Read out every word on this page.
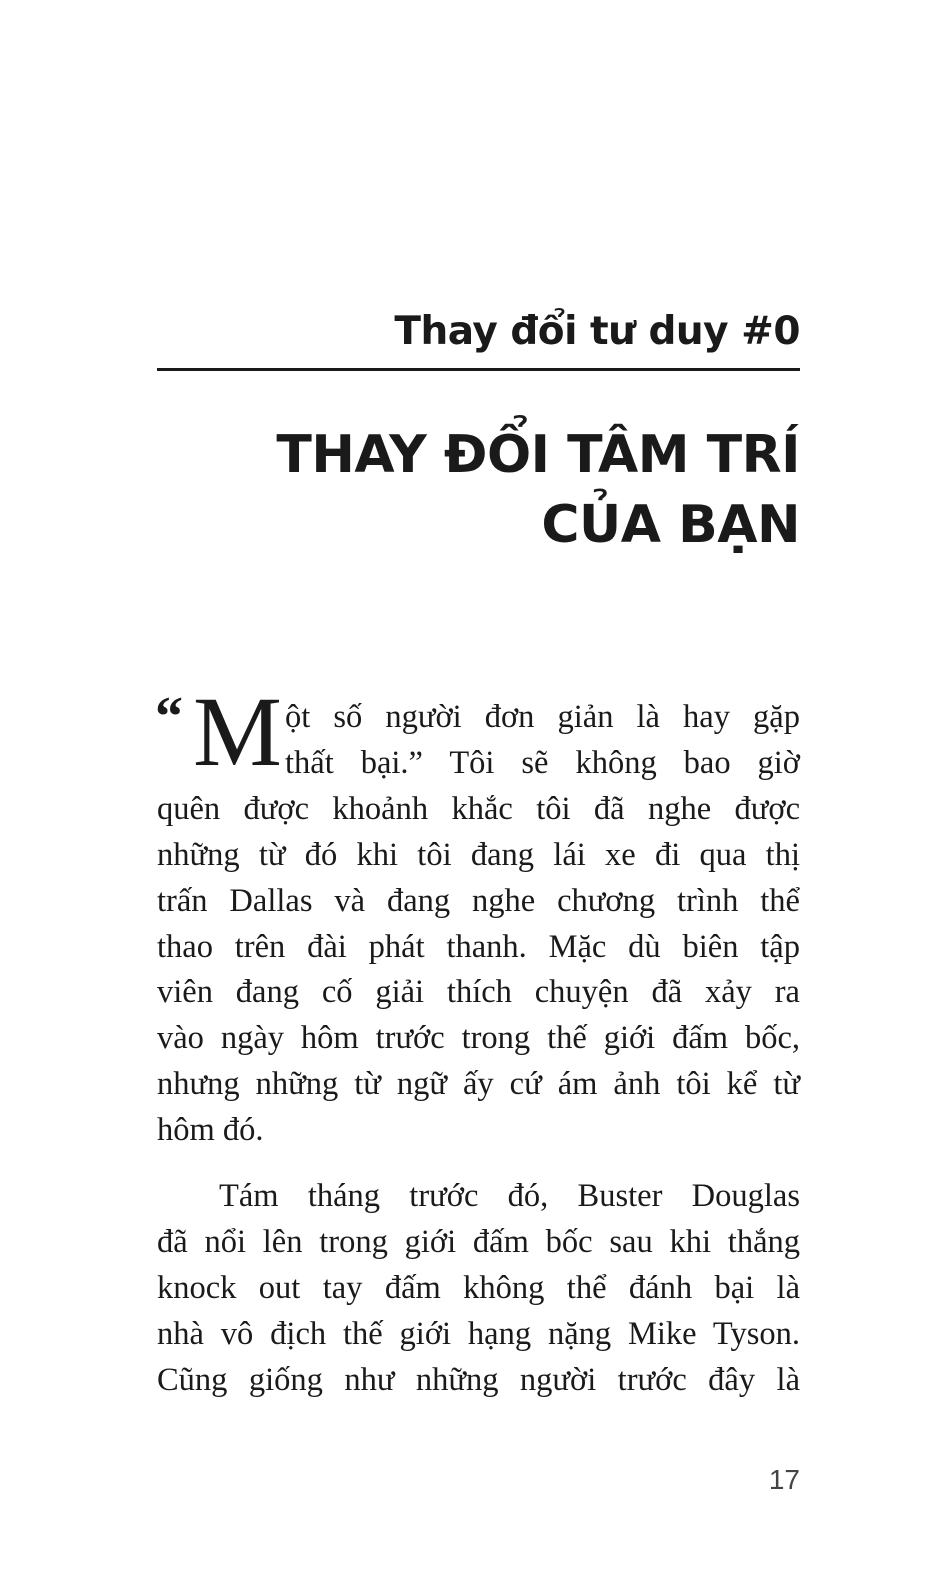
Thay đổi tư duy #0
THAY ĐỔI TÂM TRÍ
CỦA BẠN

“ M ột số người đơn giản là hay gặp
thất bại.” Tôi sẽ không bao giờ
quên được khoảnh khắc tôi đã nghe được
những từ đó khi tôi đang lái xe đi qua thị
trấn Dallas và đang nghe chương trình thể
thao trên đài phát thanh. Mặc dù biên tập
viên đang cố giải thích chuyện đã xảy ra
vào ngày hôm trước trong thế giới đấm bốc,
nhưng những từ ngữ ấy cứ ám ảnh tôi kể từ
hôm đó.

Tám tháng trước đó, Buster Douglas
đã nổi lên trong giới đấm bốc sau khi thắng
knock out tay đấm không thể đánh bại là
nhà vô địch thế giới hạng nặng Mike Tyson.
Cũng giống như những người trước đây là

17
